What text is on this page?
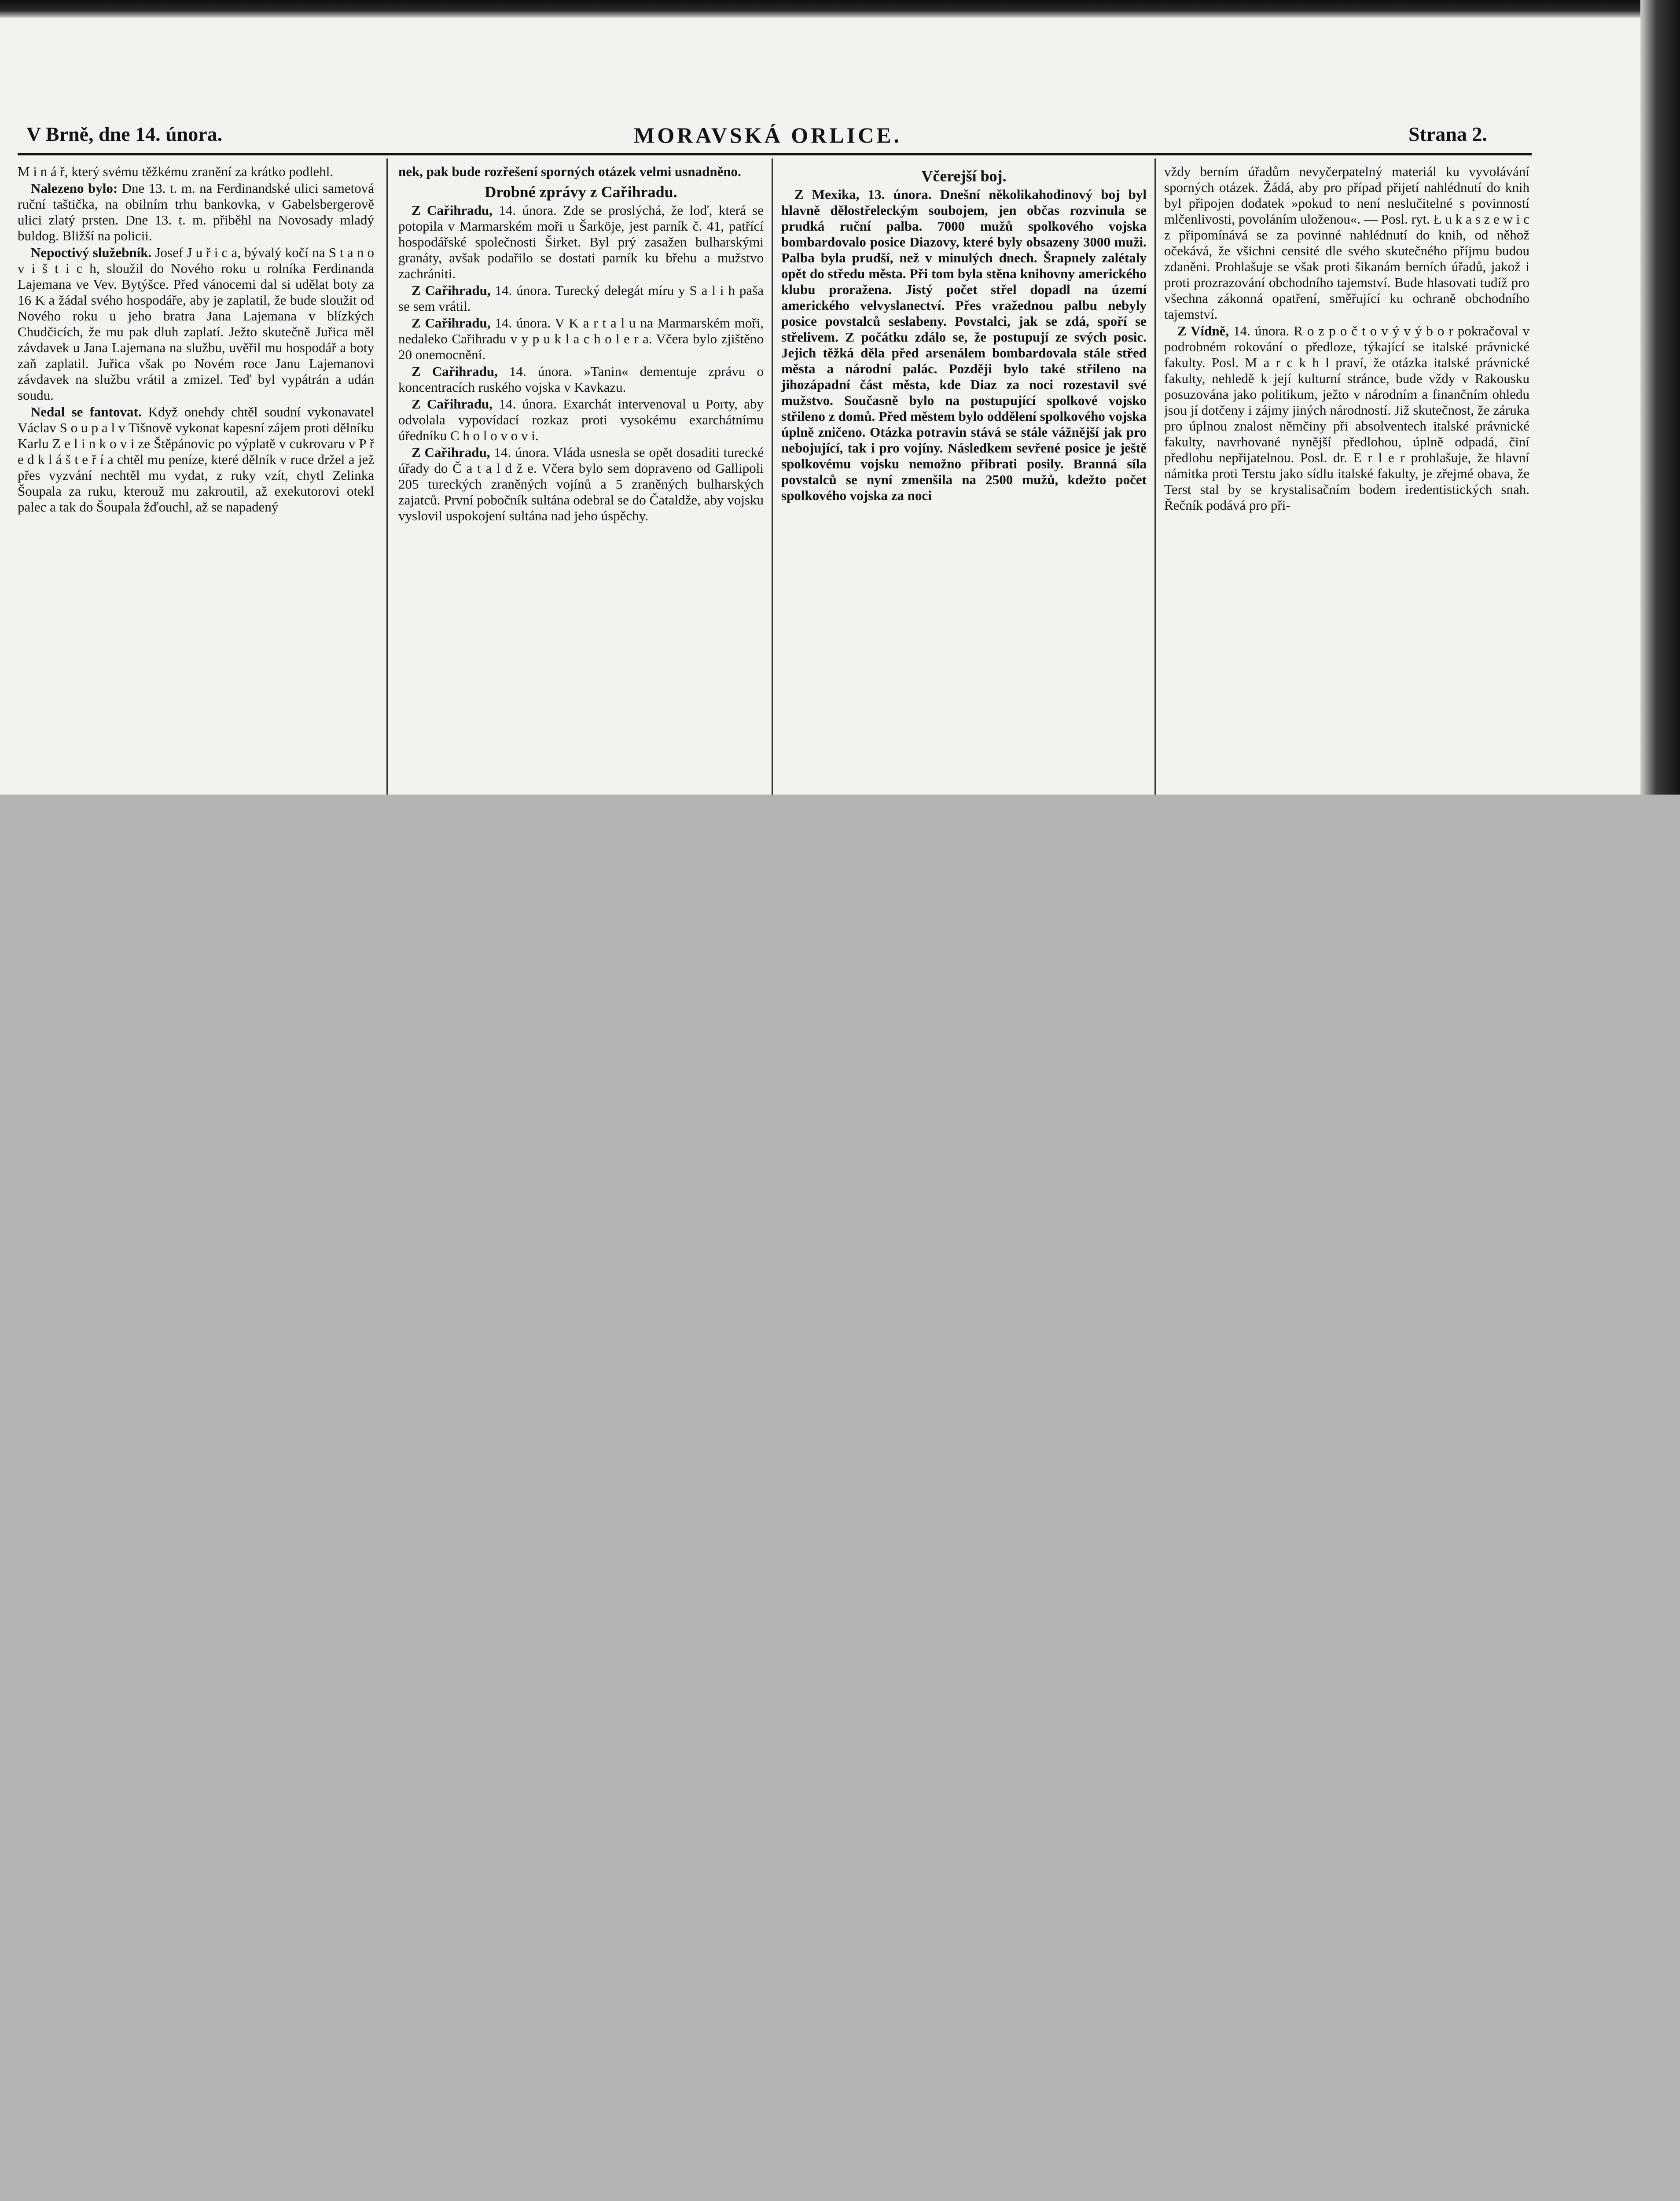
V Brně, dne 14. února.	MORAVSKÁ ORLICE.	Strana 2.

M i n á ř, který svému těžkému zranění za krátko podlehl.

Nalezeno bylo: Dne 13. t. m. na Ferdinandské ulici sametová ruční taštička, na obilním trhu bankovka, v Gabelsbergerově ulici zlatý prsten. Dne 13. t. m. přiběhl na Novosady mladý buldog. Bližší na policii.

Nepoctivý služebník. Josef J u ř i c a, bývalý kočí na S t a n o v i š t i c h, sloužil do Nového roku u rolníka Ferdinanda Lajemana ve Vev. Bytýšce. Před vánocemi dal si udělat boty za 16 K a žádal svého hospodáře, aby je zaplatil, že bude sloužit od Nového roku u jeho bratra Jana Lajemana v blízkých Chudčicích, že mu pak dluh zaplatí. Ježto skutečně Juřica měl závdavek u Jana Lajemana na službu, uvěřil mu hospodář a boty zaň zaplatil. Juřica však po Novém roce Janu Lajemanovi závdavek na službu vrátil a zmizel. Teď byl vypátrán a udán soudu.

Nedal se fantovat. Když onehdy chtěl soudní vykonavatel Václav S o u p a l v Tišnově vykonat kapesní zájem proti dělníku Karlu Z e l i n k o v i ze Štěpánovic po výplatě v cukrovaru v P ř e d k l á š t e ř í a chtěl mu peníze, které dělník v ruce držel a jež přes vyzvání nechtěl mu vydat, z ruky vzít, chytl Zelinka Šoupala za ruku, kterouž mu zakroutil, až exekutorovi otekl palec a tak do Šoupala žďouchl, až se napadený

nek, pak bude rozřešení sporných otázek velmi usnadněno.

Drobné zprávy z Cařihradu.

Z Cařihradu, 14. února. Zde se proslýchá, že loď, která se potopila v Marmarském moři u Šarköje, jest parník č. 41, patřící hospodářské společnosti Širket. Byl prý zasažen bulharskými granáty, avšak podařilo se dostati parník ku břehu a mužstvo zachrániti.

Z Cařihradu, 14. února. Turecký delegát míru y S a l i h paša se sem vrátil.

Z Cařihradu, 14. února. V K a r t a l u na Marmarském moři, nedaleko Cařihradu v y p u k l a c h o l e r a. Včera bylo zjištěno 20 onemocnění.

Z Cařihradu, 14. února. »Tanin« dementuje zprávu o koncentracích ruského vojska v Kavkazu.

Z Cařihradu, 14. února. Exarchát intervenoval u Porty, aby odvolala vypovídací rozkaz proti vysokému exarchátnímu úředníku C h o l o v o v i.

Z Cařihradu, 14. února. Vláda usnesla se opět dosaditi turecké úřady do Č a t a l d ž e. Včera bylo sem dopraveno od Gallipoli 205 tureckých zraněných vojínů a 5 zraněných bulharských zajatců. První pobočník sultána odebral se do Čataldže, aby vojsku vyslovil uspokojení sultána nad jeho úspěchy.

Včerejší boj.

Z Mexika, 13. února. Dnešní několikahodinový boj byl hlavně dělostřeleckým soubojem, jen občas rozvinula se prudká ruční palba. 7000 mužů spolkového vojska bombardovalo posice Diazovy, které byly obsazeny 3000 muži. Palba byla prudší, než v minulých dnech. Šrapnely zalétaly opět do středu města. Při tom byla stěna knihovny amerického klubu proražena. Jistý počet střel dopadl na území amerického velvyslanectví. Přes vražednou palbu nebyly posice povstalců seslabeny. Povstalci, jak se zdá, spoří se střelivem. Z počátku zdálo se, že postupují ze svých posic. Jejich těžká děla před arsenálem bombardovala stále střed města a národní palác. Později bylo také střileno na jihozápadní část města, kde Diaz za noci rozestavil své mužstvo. Současně bylo na postupující spolkové vojsko střileno z domů. Před městem bylo oddělení spolkového vojska úplně zničeno. Otázka potravin stává se stále vážnější jak pro nebojující, tak i pro vojíny. Následkem sevřené posice je ještě spolkovému vojsku nemožno přibrati posily. Branná síla povstalců se nyní zmenšila na 2500 mužů, kdežto počet spolkového vojska za noci

vždy berním úřadům nevyčerpatelný materiál ku vyvolávání sporných otázek. Žádá, aby pro případ přijetí nahlédnutí do knih byl připojen dodatek »pokud to není neslučitelné s povinností mlčenlivosti, povoláním uloženou«. — Posl. ryt. Ł u k a s z e w i c z připomínává se za povinné nahlédnutí do knih, od něhož očekává, že všichni censité dle svého skutečného příjmu budou zdaněni. Prohlašuje se však proti šikanám berních úřadů, jakož i proti prozrazování obchodního tajemství. Bude hlasovati tudíž pro všechna zákonná opatření, směřující ku ochraně obchodního tajemství.

Z Vídně, 14. února. R o z p o č t o v ý v ý b o r pokračoval v podrobném rokování o předloze, týkající se italské právnické fakulty. Posl. M a r c k h l praví, že otázka italské právnické fakulty, nehledě k její kulturní stránce, bude vždy v Rakousku posuzována jako politikum, ježto v národním a finančním ohledu jsou jí dotčeny i zájmy jiných národností. Již skutečnost, že záruka pro úplnou znalost němčiny při absolventech italské právnické fakulty, navrhované nynější předlohou, úplně odpadá, činí předlohu nepřijatelnou. Posl. dr. E r l e r prohlašuje, že hlavní námitka proti Terstu jako sídlu italské fakulty, je zřejmé obava, že Terst stal by se krystalisačním bodem iredentistických snah. Řečník podává pro při-
